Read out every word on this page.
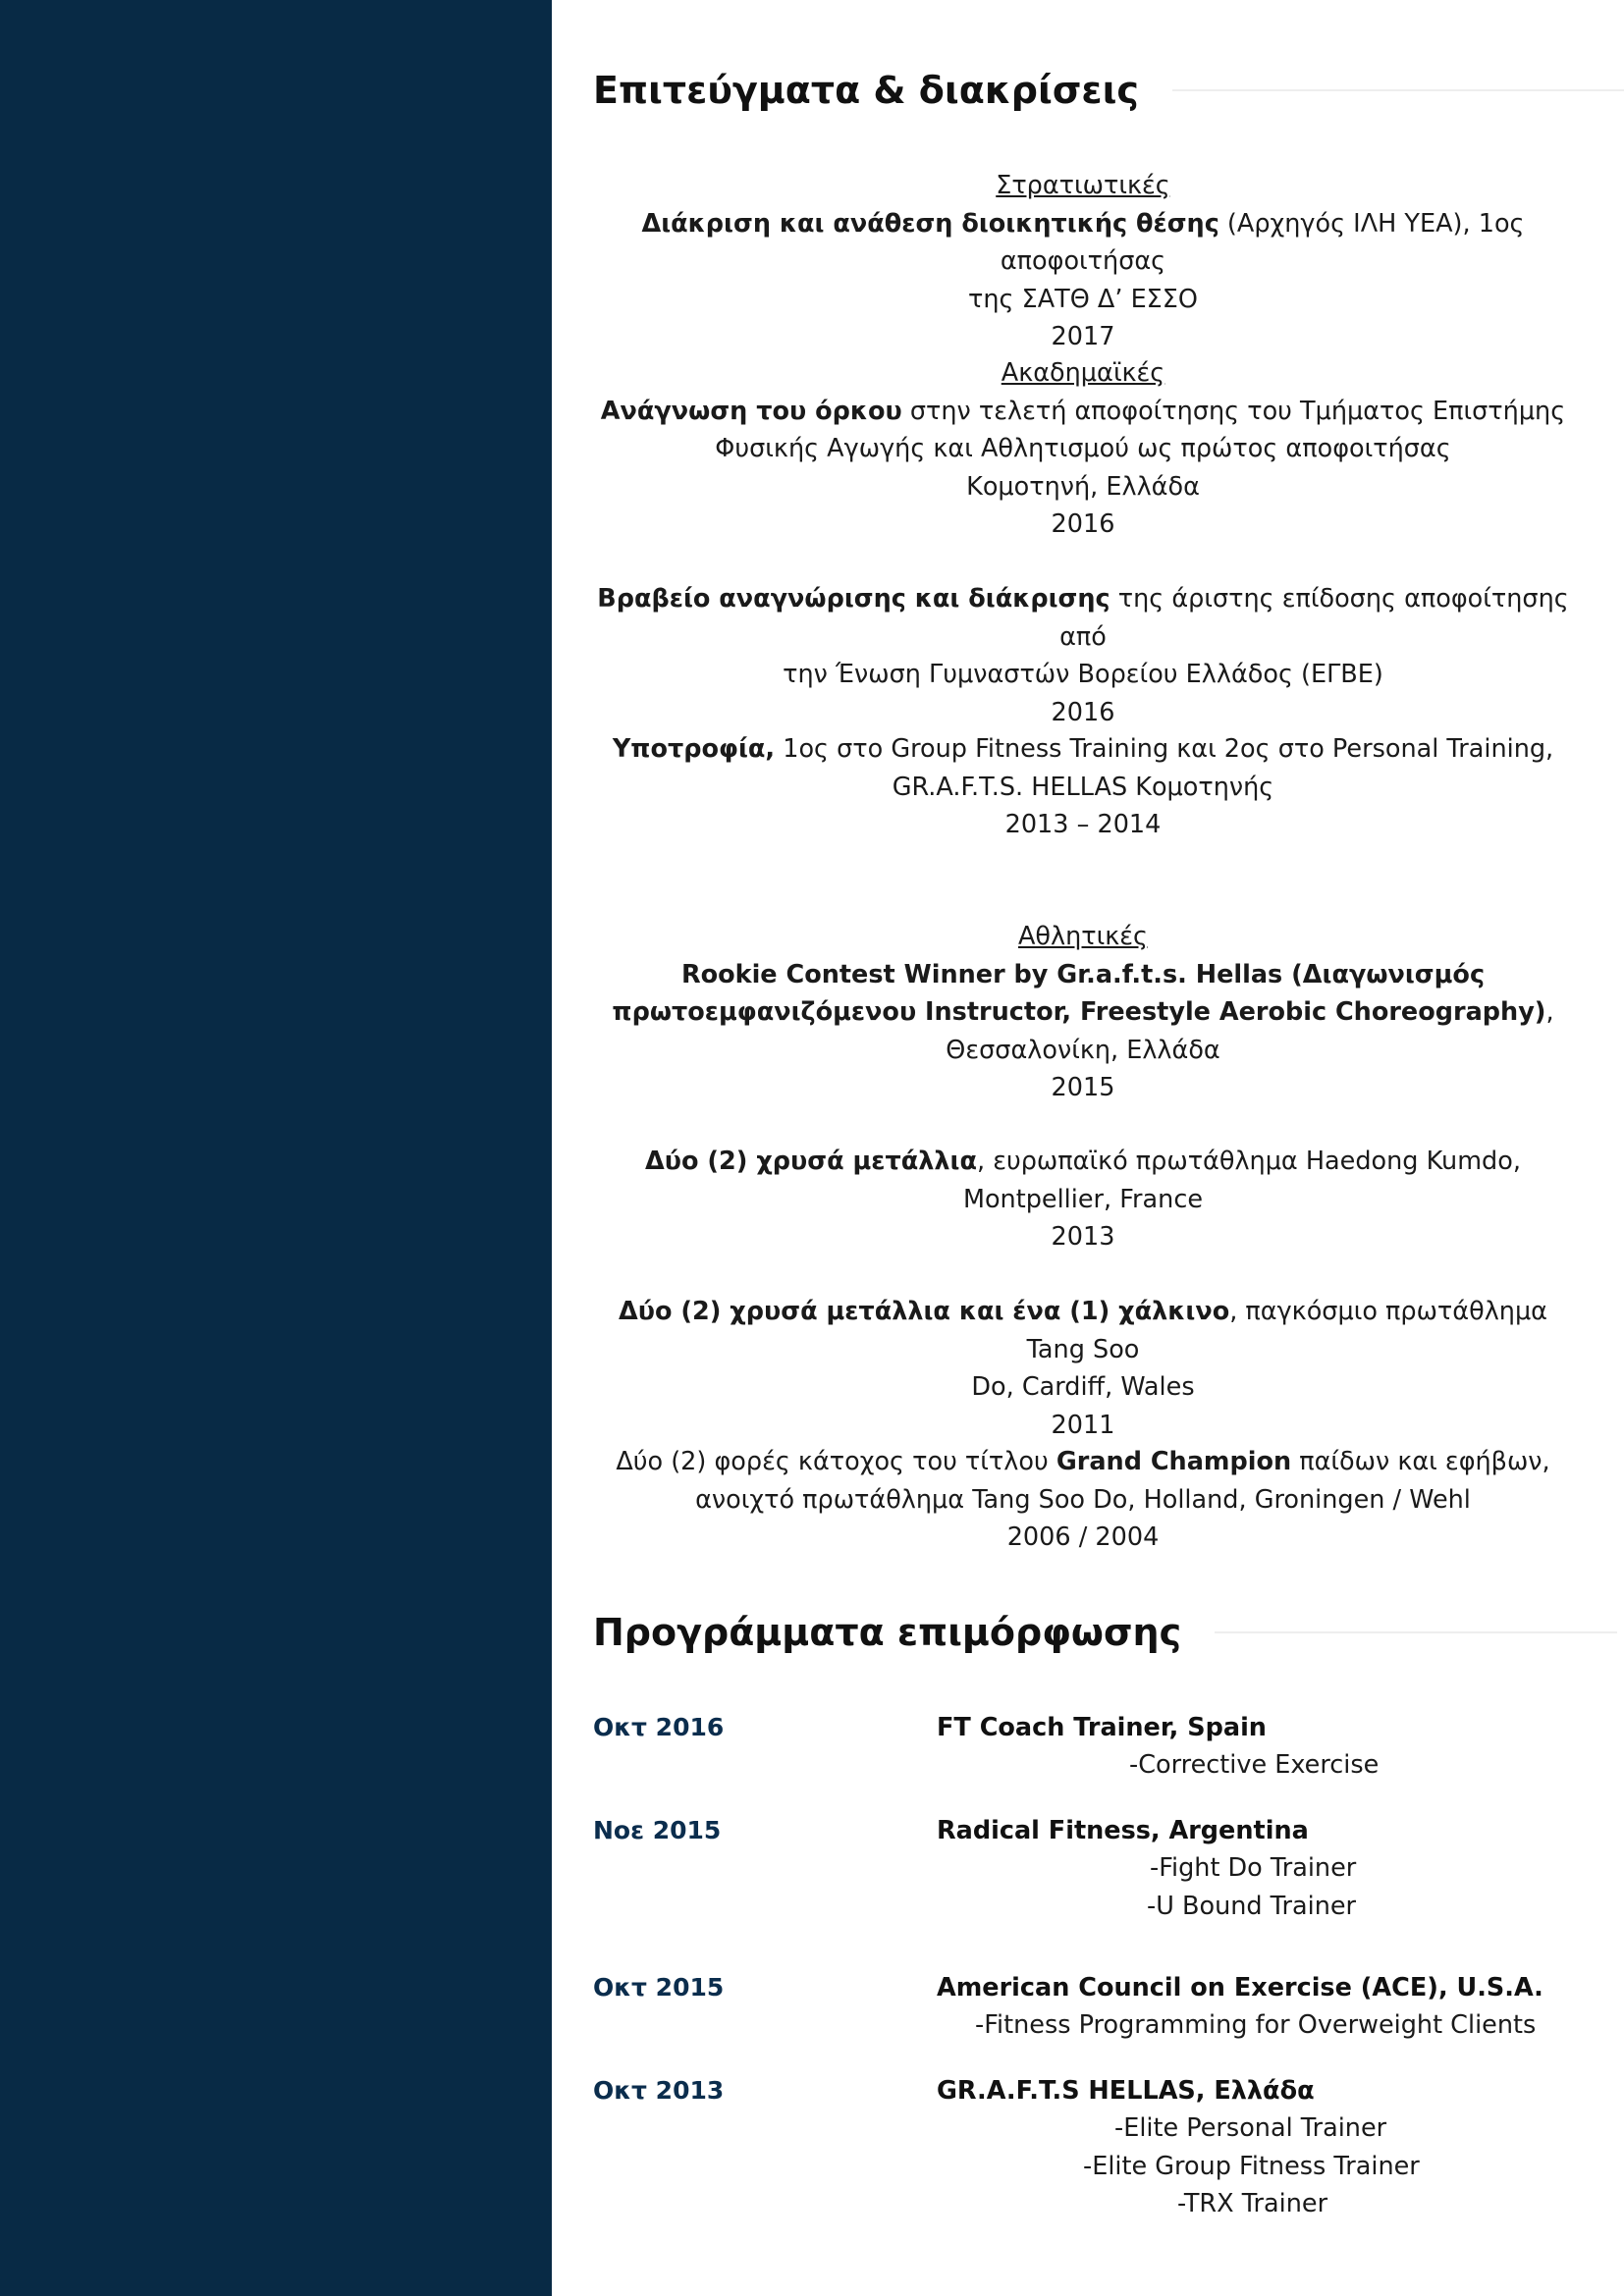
Επιτεύγματα & διακρίσεις

Στρατιωτικές

Διάκριση και ανάθεση διοικητικής θέσης (Αρχηγός ΙΛΗ ΥΕΑ), 1ος αποφοιτήσας

της ΣΑΤΘ Δ’ ΕΣΣΟ

2017

Ακαδημαϊκές

Ανάγνωση του όρκου στην τελετή αποφοίτησης του Τμήματος Επιστήμης

Φυσικής Αγωγής και Αθλητισμού ως πρώτος αποφοιτήσας

Κομοτηνή, Ελλάδα

2016

Βραβείο αναγνώρισης και διάκρισης της άριστης επίδοσης αποφοίτησης από

την Ένωση Γυμναστών Βορείου Ελλάδος (ΕΓΒΕ)

2016

Υποτροφία, 1ος στο Group Fitness Training και 2ος στο Personal Training,

GR.A.F.T.S. HELLAS Κομοτηνής

2013 – 2014

Αθλητικές

Rookie Contest Winner by Gr.a.f.t.s. Hellas (Διαγωνισμός

πρωτοεμφανιζόμενου Instructor, Freestyle Aerobic Choreography),

Θεσσαλονίκη, Ελλάδα

2015

Δύο (2) χρυσά μετάλλια, ευρωπαϊκό πρωτάθλημα Haedong Kumdo,

Montpellier, France

2013

Δύο (2) χρυσά μετάλλια και ένα (1) χάλκινο, παγκόσμιο πρωτάθλημα Tang Soo

Do, Cardiff, Wales

2011

Δύο (2) φορές κάτοχος του τίτλου Grand Champion παίδων και εφήβων,

ανοιχτό πρωτάθλημα Tang Soo Do, Holland, Groningen / Wehl

2006 / 2004

Προγράμματα επιμόρφωσης
Οκτ 2016	FT Coach Trainer, Spain
-Corrective Exercise
Νοε 2015	Radical Fitness, Argentina
-Fight Do Trainer
-U Bound Trainer
Οκτ 2015	American Council on Exercise (ACE), U.S.A.
-Fitness Programming for Overweight Clients
Οκτ 2013	GR.A.F.T.S HELLAS, Ελλάδα
-Elite Personal Trainer
-Elite Group Fitness Trainer
-TRX Trainer
